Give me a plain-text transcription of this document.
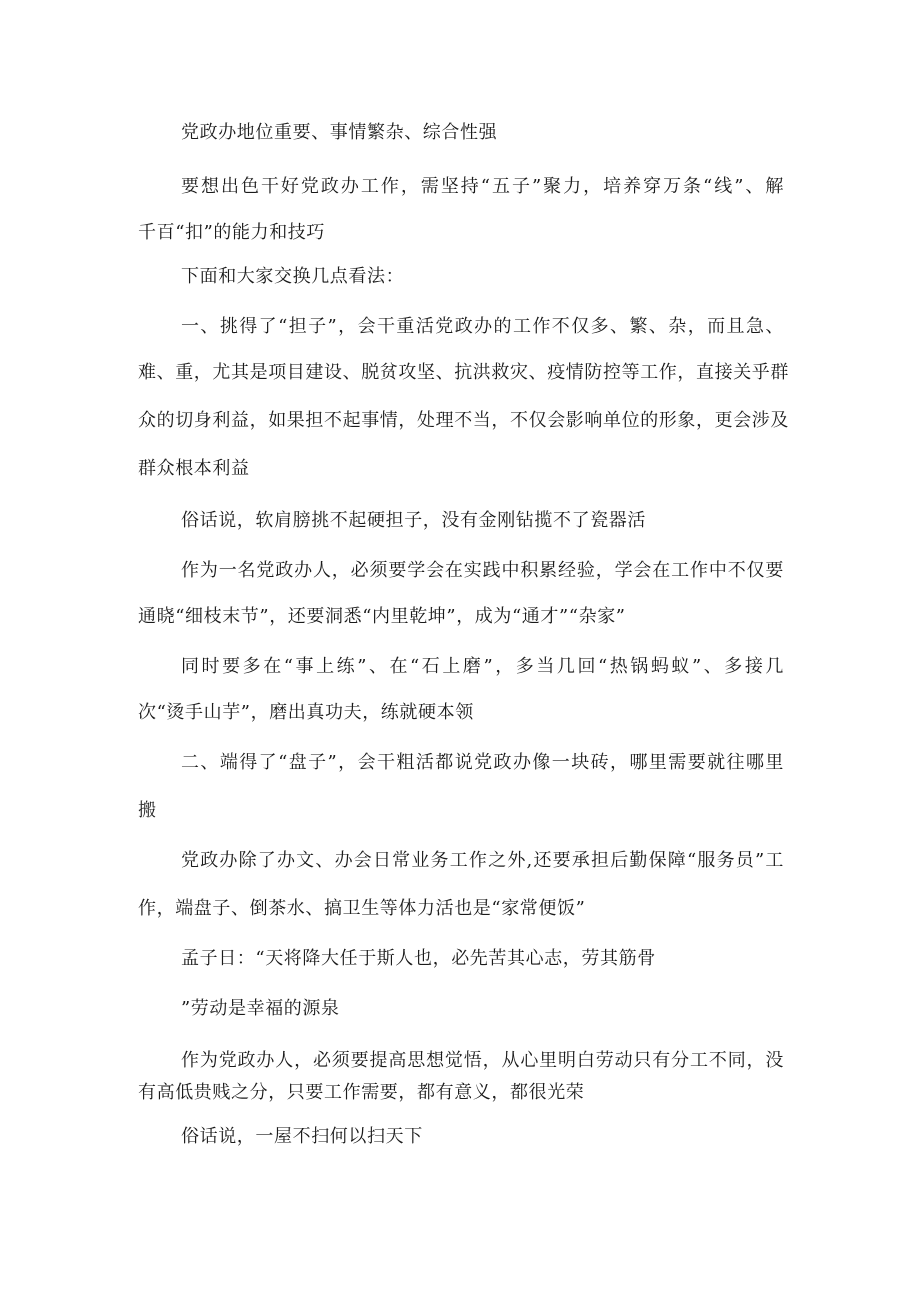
党政办地位重要、事情繁杂、综合性强
要想出色干好党政办工作，需坚持“五子”聚力，培养穿万条“线”、解
千百“扣”的能力和技巧
下面和大家交换几点看法：
一、挑得了“担子”，会干重活党政办的工作不仅多、繁、杂，而且急、
难、重，尤其是项目建设、脱贫攻坚、抗洪救灾、疫情防控等工作，直接关乎群
众的切身利益，如果担不起事情，处理不当，不仅会影响单位的形象，更会涉及
群众根本利益
俗话说，软肩膀挑不起硬担子，没有金刚钻揽不了瓷器活
作为一名党政办人，必须要学会在实践中积累经验，学会在工作中不仅要
通晓“细枝末节”，还要洞悉“内里乾坤”，成为“通才”“杂家”
同时要多在“事上练”、在“石上磨”，多当几回“热锅蚂蚁”、多接几
次“烫手山芋”，磨出真功夫，练就硬本领
二、端得了“盘子”，会干粗活都说党政办像一块砖，哪里需要就往哪里
搬
党政办除了办文、办会日常业务工作之外,还要承担后勤保障“服务员”工
作，端盘子、倒茶水、搞卫生等体力活也是“家常便饭”
孟子日：“天将降大任于斯人也，必先苦其心志，劳其筋骨
”劳动是幸福的源泉
作为党政办人，必须要提高思想觉悟，从心里明白劳动只有分工不同，没
有高低贵贱之分，只要工作需要，都有意义，都很光荣
俗话说，一屋不扫何以扫天下
